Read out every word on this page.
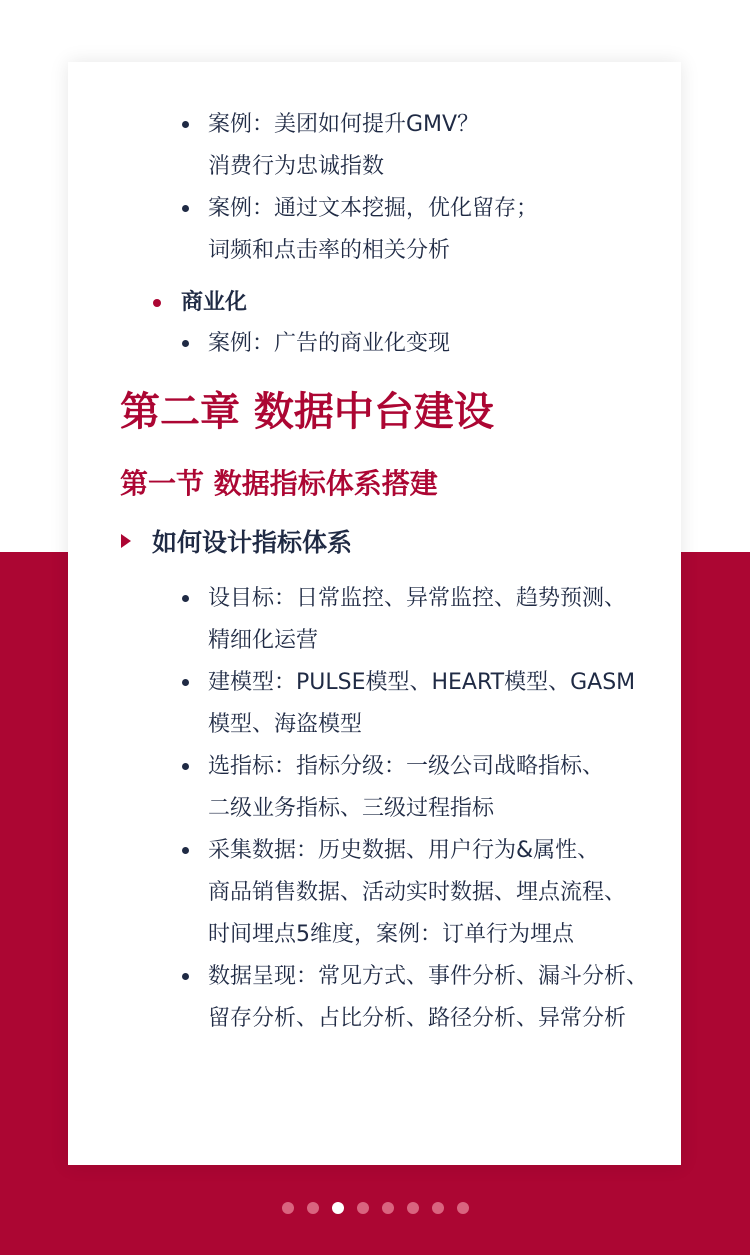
案例：美团如何提升GMV？
消费行为忠诚指数
案例：通过文本挖掘，优化留存；
词频和点击率的相关分析
商业化
案例：广告的商业化变现
第二章 数据中台建设
第一节 数据指标体系搭建
如何设计指标体系
设目标：日常监控、异常监控、趋势预测、
精细化运营
建模型：PULSE模型、HEART模型、GASM
模型、海盗模型
选指标：指标分级：一级公司战略指标、
二级业务指标、三级过程指标
采集数据：历史数据、用户行为&属性、
商品销售数据、活动实时数据、埋点流程、
时间埋点5维度，案例：订单行为埋点
数据呈现：常见方式、事件分析、漏斗分析、
留存分析、占比分析、路径分析、异常分析
